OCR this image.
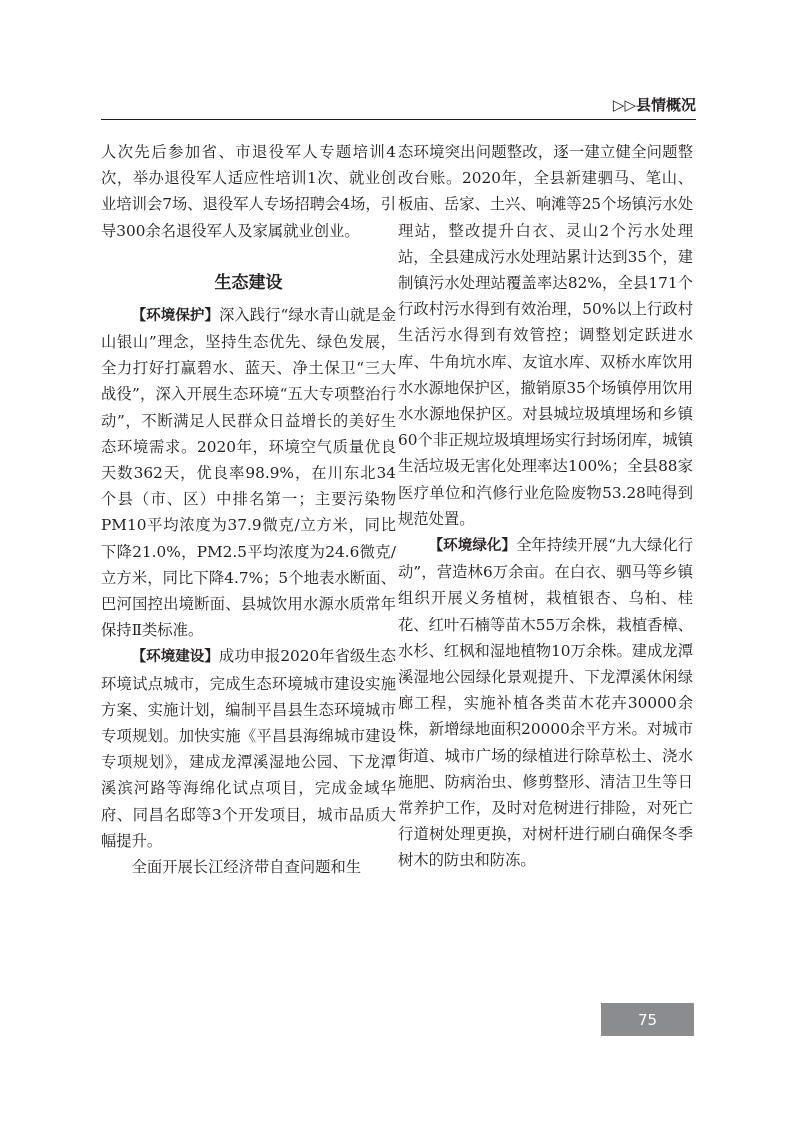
▷▷县情概况

人次先后参加省、市退役军人专题培训4次，举办退役军人适应性培训1次、就业创业培训会7场、退役军人专场招聘会4场，引导300余名退役军人及家属就业创业。

生态建设

【环境保护】深入践行“绿水青山就是金山银山”理念，坚持生态优先、绿色发展，全力打好打赢碧水、蓝天、净土保卫“三大战役”，深入开展生态环境“五大专项整治行动”，不断满足人民群众日益增长的美好生态环境需求。2020年，环境空气质量优良天数362天，优良率98.9%，在川东北34个县（市、区）中排名第一；主要污染物PM10平均浓度为37.9微克/立方米，同比下降21.0%，PM2.5平均浓度为24.6微克/立方米，同比下降4.7%；5个地表水断面、巴河国控出境断面、县城饮用水源水质常年保持Ⅱ类标准。

【环境建设】成功申报2020年省级生态环境试点城市，完成生态环境城市建设实施方案、实施计划，编制平昌县生态环境城市专项规划。加快实施《平昌县海绵城市建设专项规划》，建成龙潭溪湿地公园、下龙潭溪滨河路等海绵化试点项目，完成金域华府、同昌名邸等3个开发项目，城市品质大幅提升。

全面开展长江经济带自查问题和生

态环境突出问题整改，逐一建立健全问题整改台账。2020年，全县新建驷马、笔山、板庙、岳家、土兴、响滩等25个场镇污水处理站，整改提升白衣、灵山2个污水处理站，全县建成污水处理站累计达到35个，建制镇污水处理站覆盖率达82%，全县171个行政村污水得到有效治理，50%以上行政村生活污水得到有效管控；调整划定跃进水库、牛角坑水库、友谊水库、双桥水库饮用水水源地保护区，撤销原35个场镇停用饮用水水源地保护区。对县城垃圾填埋场和乡镇60个非正规垃圾填埋场实行封场闭库，城镇生活垃圾无害化处理率达100%；全县88家医疗单位和汽修行业危险废物53.28吨得到规范处置。

【环境绿化】全年持续开展“九大绿化行动”，营造林6万余亩。在白衣、驷马等乡镇组织开展义务植树，栽植银杏、乌桕、桂花、红叶石楠等苗木55万余株，栽植香樟、水杉、红枫和湿地植物10万余株。建成龙潭溪湿地公园绿化景观提升、下龙潭溪休闲绿廊工程，实施补植各类苗木花卉30000余株，新增绿地面积20000余平方米。对城市街道、城市广场的绿植进行除草松土、浇水施肥、防病治虫、修剪整形、清洁卫生等日常养护工作，及时对危树进行排险，对死亡行道树处理更换，对树杆进行刷白确保冬季树木的防虫和防冻。

75
